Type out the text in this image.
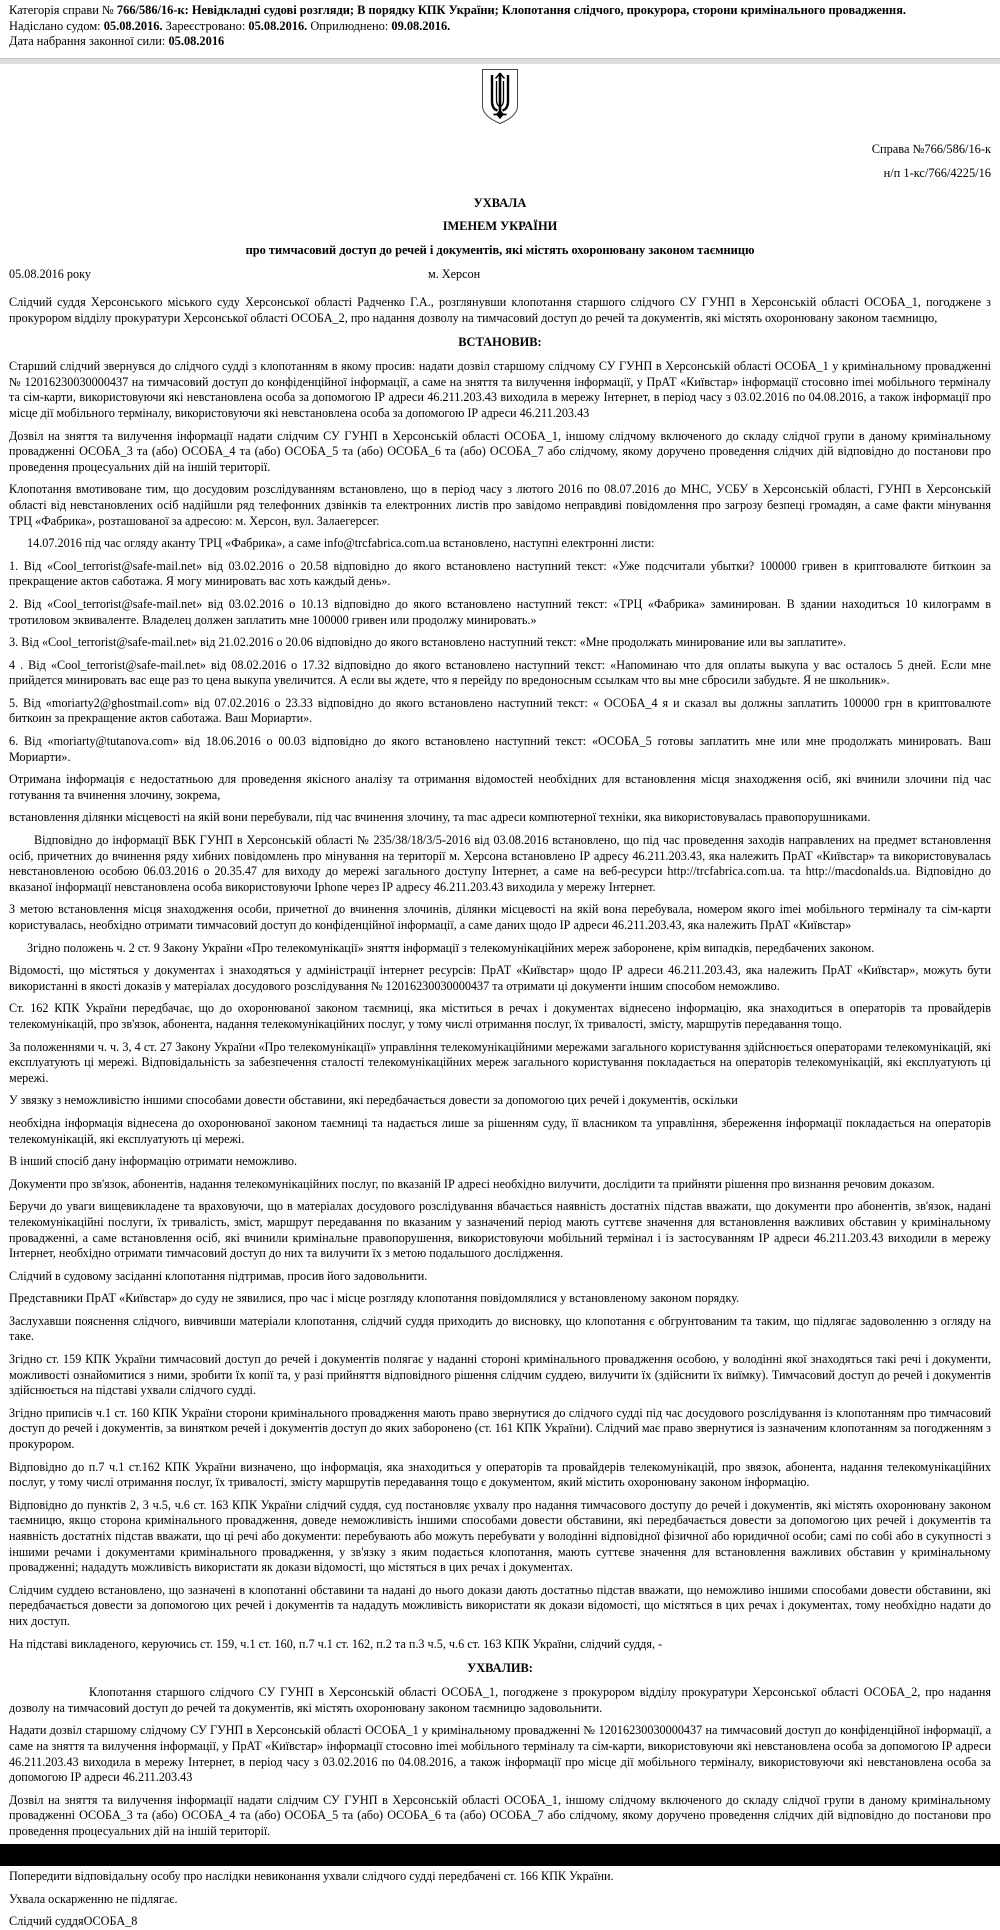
Категорія справи № 766/586/16-к: Невідкладні судові розгляди; В порядку КПК України; Клопотання слідчого, прокурора, сторони кримінального провадження.

Надіслано судом: 05.08.2016. Зареєстровано: 05.08.2016. Оприлюднено: 09.08.2016.

Дата набрання законної сили: 05.08.2016

Справа №766/586/16-к

н/п 1-кс/766/4225/16

УХВАЛА
ІМЕНЕМ УКРАЇНИ
про тимчасовий доступ до речей і документів, які містять охоронювану законом таємницю
05.08.2016 року	м. Херсон

Слідчий суддя Херсонського міського суду Херсонської області Радченко Г.А., розглянувши клопотання старшого слідчого СУ ГУНП в Херсонській області ОСОБА_1, погоджене з прокурором відділу прокуратури Херсонської області ОСОБА_2, про надання дозволу на тимчасовий доступ до речей та документів, які містять охоронювану законом таємницю,

ВСТАНОВИВ:

Старший слідчий звернувся до слідчого судді з клопотанням в якому просив: надати дозвіл старшому слідчому СУ ГУНП в Херсонській області ОСОБА_1 у кримінальному провадженні № 12016230030000437 на тимчасовий доступ до конфіденційної інформації, а саме на зняття та вилучення інформації, у ПрАТ «Київстар» інформації стосовно imei мобільного терміналу та сім-карти, використовуючи які невстановлена особа за допомогою ІР адреси 46.211.203.43 виходила в мережу Інтернет, в період часу з 03.02.2016 по 04.08.2016, а також інформації про місце дії мобільного терміналу, використовуючи які невстановлена особа за допомогою ІР адреси 46.211.203.43

Дозвіл на зняття та вилучення інформації надати слідчим СУ ГУНП в Херсонській області ОСОБА_1, іншому слідчому включеного до складу слідчої групи в даному кримінальному провадженні ОСОБА_3 та (або) ОСОБА_4 та (або) ОСОБА_5 та (або) ОСОБА_6 та (або) ОСОБА_7 або слідчому, якому доручено проведення слідчих дій відповідно до постанови про проведення процесуальних дій на іншій території.

Клопотання вмотивоване тим, що досудовим розслідуванням встановлено, що в період часу з лютого 2016 по 08.07.2016 до МНС, УСБУ в Херсонській області, ГУНП в Херсонській області від невстановлених осіб надійшли ряд телефонних дзвінків та електронних листів про завідомо неправдиві повідомлення про загрозу безпеці громадян, а саме факти мінування ТРЦ «Фабрика», розташованої за адресою: м. Херсон, вул. Залаегерсег.

14.07.2016 під час огляду аканту ТРЦ «Фабрика», а саме info@trcfabrica.com.ua встановлено, наступні електронні листи:

1. Від «Cool_terrorist@safe-mail.net» від 03.02.2016 о 20.58 відповідно до якого встановлено наступний текст: «Уже подсчитали убытки? 100000 гривен в криптовалюте биткоин за прекращение актов саботажа. Я могу минировать вас хоть каждый день».

2. Від «Cool_terrorist@safe-mail.net» від 03.02.2016 о 10.13 відповідно до якого встановлено наступний текст: «ТРЦ «Фабрика» заминирован. В здании находиться 10 килограмм в тротиловом эквиваленте. Владелец должен заплатить мне 100000 гривен или продолжу минировать.»

3. Від «Cool_terrorist@safe-mail.net» від 21.02.2016 о 20.06 відповідно до якого встановлено наступний текст: «Мне продолжать минирование или вы заплатите».

4 . Від «Cool_terrorist@safe-mail.net» від 08.02.2016 о 17.32 відповідно до якого встановлено наступний текст: «Напоминаю что для оплаты выкупа у вас осталось 5 дней. Если мне прийдется минировать вас еще раз то цена выкупа увеличится. А если вы ждете, что я перейду по вредоносным ссылкам что вы мне сбросили забудьте. Я не школьник».

5. Від «moriarty2@ghostmail.com» від 07.02.2016 о 23.33 відповідно до якого встановлено наступний текст: « ОСОБА_4 я и сказал вы должны заплатить 100000 грн в криптовалюте биткоин за прекращение актов саботажа. Ваш Мориарти».

6. Від «moriarty@tutanova.com» від 18.06.2016 о 00.03 відповідно до якого встановлено наступний текст: «ОСОБА_5 готовы заплатить мне или мне продолжать минировать. Ваш Мориарти».

Отримана інформація є недостатньою для проведення якісного аналізу та отримання відомостей необхідних для встановлення місця знаходження осіб, які вчинили злочини під час готування та вчинення злочину, зокрема,

встановлення ділянки місцевості на якій вони перебували, під час вчинення злочину, та mac адреси компютерної техніки, яка використовувалась правопорушниками.

Відповідно до інформації ВБК ГУНП в Херсонській області № 235/38/18/3/5-2016 від 03.08.2016 встановлено, що під час проведення заходів направлених на предмет встановлення осіб, причетних до вчинення ряду хибних повідомлень про мінування на території м. Херсона встановлено ІР адресу 46.211.203.43, яка належить ПрАТ «Київстар» та використовувалась невстановленою особою 06.03.2016 о 20.35.47 для виходу до мережі загального доступу Інтернет, а саме на веб-ресурси http://trcfabrica.com.ua. та http://macdonalds.ua. Відповідно до вказаної інформації невстановлена особа використовуючи Iphone через ІР адресу 46.211.203.43 виходила у мережу Інтернет.

З метою встановлення місця знаходження особи, причетної до вчинення злочинів, ділянки місцевості на якій вона перебувала, номером якого imei мобільного терміналу та сім-карти користувалась, необхідно отримати тимчасовий доступ до конфіденційної інформації, а саме даних щодо ІР адреси 46.211.203.43, яка належить ПрАТ «Київстар»

Згідно положень ч. 2 ст. 9 Закону України «Про телекомунікації» зняття інформації з телекомунікаційних мереж заборонене, крім випадків, передбачених законом.

Відомості, що містяться у документах і знаходяться у адміністрації інтернет ресурсів: ПрАТ «Київстар» щодо ІР адреси 46.211.203.43, яка належить ПрАТ «Київстар», можуть бути використанні в якості доказів у матеріалах досудового розслідування № 12016230030000437 та отримати ці документи іншим способом неможливо.

Ст. 162 КПК України передбачає, що до охоронюваної законом таємниці, яка міститься в речах і документах віднесено інформацію, яка знаходиться в операторів та провайдерів телекомунікацій, про зв'язок, абонента, надання телекомунікаційних послуг, у тому числі отримання послуг, їх тривалості, змісту, маршрутів передавання тощо.

За положеннями ч. ч. 3, 4 ст. 27 Закону України «Про телекомунікації» управління телекомунікаційними мережами загального користування здійснюється операторами телекомунікацій, які експлуатують ці мережі. Відповідальність за забезпечення сталості телекомунікаційних мереж загального користування покладається на операторів телекомунікацій, які експлуатують ці мережі.

У звязку з неможливістю іншими способами довести обставини, які передбачається довести за допомогою цих речей і документів, оскільки

необхідна інформація віднесена до охоронюваної законом таємниці та надається лише за рішенням суду, її власником та управління, збереження інформації покладається на операторів телекомунікацій, які експлуатують ці мережі.

В інший спосіб дану інформацію отримати неможливо.

Документи про зв'язок, абонентів, надання телекомунікаційних послуг, по вказаній ІР адресі необхідно вилучити, дослідити та прийняти рішення про визнання речовим доказом.

Беручи до уваги вищевикладене та враховуючи, що в матеріалах досудового розслідування вбачається наявність достатніх підстав вважати, що документи про абонентів, зв'язок, надані телекомунікаційні послуги, їх тривалість, зміст, маршрут передавання по вказаним у зазначений період мають суттєве значення для встановлення важливих обставин у кримінальному провадженні, а саме встановлення осіб, які вчинили кримінальне правопорушення, використовуючи мобільний термінал і із застосуванням ІР адреси 46.211.203.43 виходили в мережу Інтернет, необхідно отримати тимчасовий доступ до них та вилучити їх з метою подальшого дослідження.

Слідчий в судовому засіданні клопотання підтримав, просив його задовольнити.

Представники ПрАТ «Київстар» до суду не зявилися, про час і місце розгляду клопотання повідомлялися у встановленому законом порядку.

Заслухавши пояснення слідчого, вивчивши матеріали клопотання, слідчий суддя приходить до висновку, що клопотання є обгрунтованим та таким, що підлягає задоволенню з огляду на таке.

Згідно ст. 159 КПК України тимчасовий доступ до речей і документів полягає у наданні стороні кримінального провадження особою, у володінні якої знаходяться такі речі і документи, можливості ознайомитися з ними, зробити їх копії та, у разі прийняття відповідного рішення слідчим суддею, вилучити їх (здійснити їх виїмку). Тимчасовий доступ до речей і документів здійснюється на підставі ухвали слідчого судді.

Згідно приписів ч.1 ст. 160 КПК України сторони кримінального провадження мають право звернутися до слідчого судді під час досудового розслідування із клопотанням про тимчасовий доступ до речей і документів, за винятком речей і документів доступ до яких заборонено (ст. 161 КПК України). Слідчий має право звернутися із зазначеним клопотанням за погодженням з прокурором.

Відповідно до п.7 ч.1 ст.162 КПК України визначено, що інформація, яка знаходиться у операторів та провайдерів телекомунікацій, про звязок, абонента, надання телекомунікаційних послуг, у тому числі отримання послуг, їх тривалості, змісту маршрутів передавання тощо є документом, який містить охоронювану законом інформацію.

Відповідно до пунктів 2, 3 ч.5, ч.6 ст. 163 КПК України слідчий суддя, суд постановляє ухвалу про надання тимчасового доступу до речей і документів, які містять охоронювану законом таємницю, якщо сторона кримінального провадження, доведе неможливість іншими способами довести обставини, які передбачається довести за допомогою цих речей і документів та наявність достатніх підстав вважати, що ці речі або документи: перебувають або можуть перебувати у володінні відповідної фізичної або юридичної особи; самі по собі або в сукупності з іншими речами і документами кримінального провадження, у зв'язку з яким подається клопотання, мають суттєве значення для встановлення важливих обставин у кримінальному провадженні; нададуть можливість використати як докази відомості, що містяться в цих речах і документах.

Слідчим суддею встановлено, що зазначені в клопотанні обставини та надані до нього докази дають достатньо підстав вважати, що неможливо іншими способами довести обставини, які передбачається довести за допомогою цих речей і документів та нададуть можливість використати як докази відомості, що містяться в цих речах і документах, тому необхідно надати до них доступ.

На підставі викладеного, керуючись ст. 159, ч.1 ст. 160, п.7 ч.1 ст. 162, п.2 та п.3 ч.5, ч.6 ст. 163 КПК України, слідчий суддя, -

УХВАЛИВ:

Клопотання старшого слідчого СУ ГУНП в Херсонській області ОСОБА_1, погоджене з прокурором відділу прокуратури Херсонської області ОСОБА_2, про надання дозволу на тимчасовий доступ до речей та документів, які містять охоронювану законом таємницю задовольнити.

Надати дозвіл старшому слідчому СУ ГУНП в Херсонській області ОСОБА_1 у кримінальному провадженні № 12016230030000437 на тимчасовий доступ до конфіденційної інформації, а саме на зняття та вилучення інформації, у ПрАТ «Київстар» інформації стосовно imei мобільного терміналу та сім-карти, використовуючи які невстановлена особа за допомогою ІР адреси 46.211.203.43 виходила в мережу Інтернет, в період часу з 03.02.2016 по 04.08.2016, а також інформації про місце дії мобільного терміналу, використовуючи які невстановлена особа за допомогою ІР адреси 46.211.203.43

Дозвіл на зняття та вилучення інформації надати слідчим СУ ГУНП в Херсонській області ОСОБА_1, іншому слідчому включеного до складу слідчої групи в даному кримінальному провадженні ОСОБА_3 та (або) ОСОБА_4 та (або) ОСОБА_5 та (або) ОСОБА_6 та (або) ОСОБА_7 або слідчому, якому доручено проведення слідчих дій відповідно до постанови про проведення процесуальних дій на іншій території.

Попередити відповідальну особу про наслідки невиконання ухвали слідчого судді передбачені ст. 166 КПК України.

Ухвала оскарженню не підлягає.

Слідчий суддяОСОБА_8
